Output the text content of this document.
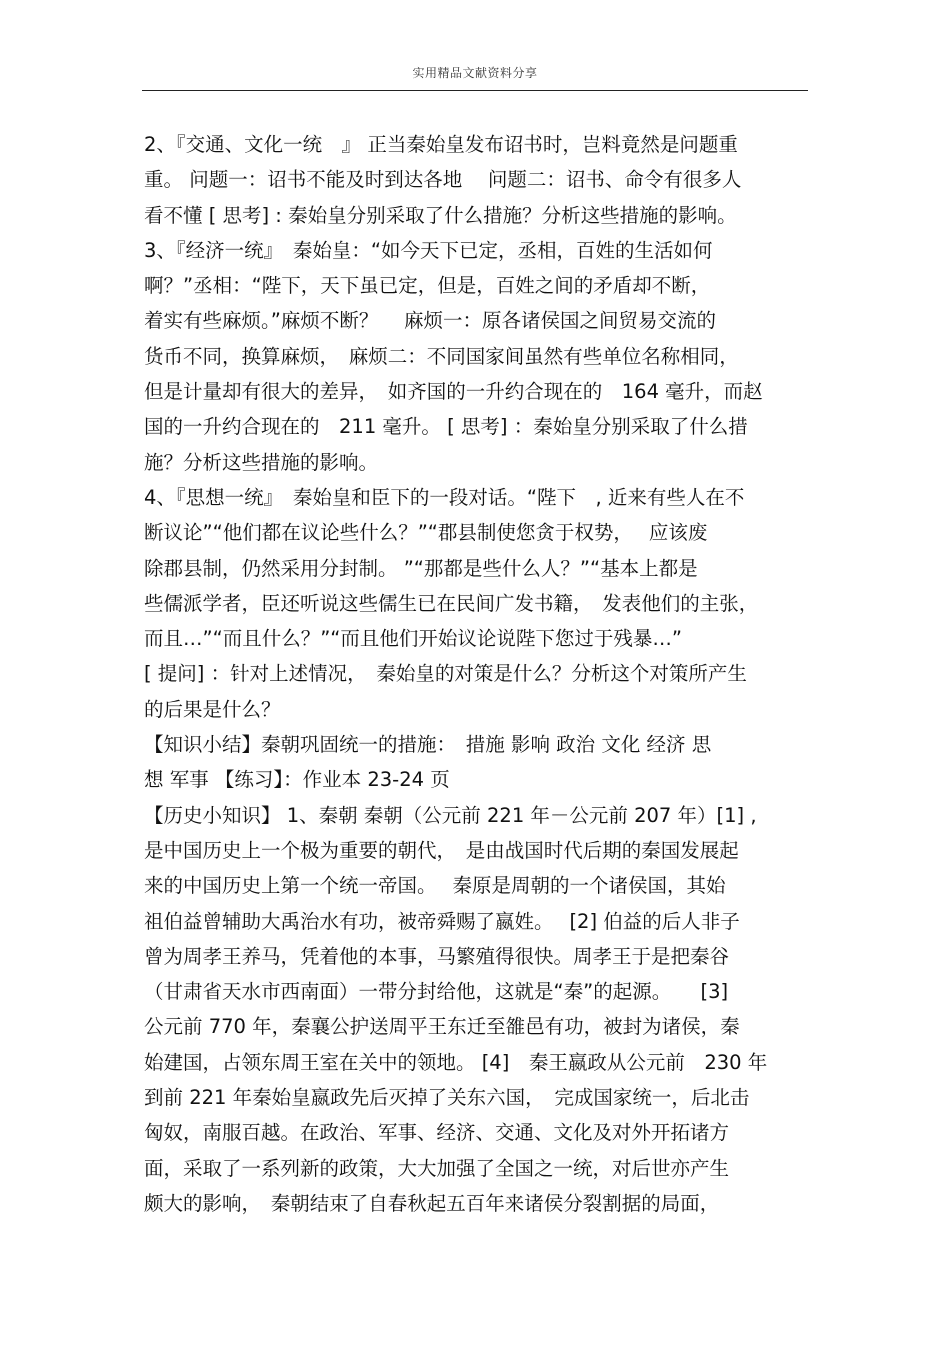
实用精品文献资料分享
2、『交通、文化一统　』 正当秦始皇发布诏书时，岂料竟然是问题重
重。 问题一：诏书不能及时到达各地　 问题二：诏书、命令有很多人
看不懂 [ 思考] : 秦始皇分别采取了什么措施？分析这些措施的影响。
3、『经济一统』　秦始皇：“如今天下已定，丞相，百姓的生活如何
啊？”丞相：“陛下，天下虽已定，但是，百姓之间的矛盾却不断，
着实有些麻烦。”麻烦不断？　 麻烦一：原各诸侯国之间贸易交流的
货币不同，换算麻烦，　麻烦二：不同国家间虽然有些单位名称相同，
但是计量却有很大的差异，　如齐国的一升约合现在的　164 毫升，而赵
国的一升约合现在的　211 毫升。 [ 思考] ：秦始皇分别采取了什么措
施？分析这些措施的影响。
4、『思想一统』　秦始皇和臣下的一段对话。“陛下　, 近来有些人在不
断议论”“他们都在议论些什么？”“郡县制使您贪于权势，　 应该废
除郡县制，仍然采用分封制。 ”“那都是些什么人？”“基本上都是
些儒派学者，臣还听说这些儒生已在民间广发书籍，　发表他们的主张，
而且…”“而且什么？”“而且他们开始议论说陛下您过于残暴…”
[ 提问] ：针对上述情况，　秦始皇的对策是什么？分析这个对策所产生
的后果是什么？
【知识小结】秦朝巩固统一的措施：　措施 影响 政治 文化 经济 思
想 军事 【练习】：作业本 23-24 页
【历史小知识】 1、秦朝 秦朝（公元前 221 年－公元前 207 年）[1] ,
是中国历史上一个极为重要的朝代，　是由战国时代后期的秦国发展起
来的中国历史上第一个统一帝国。　 秦原是周朝的一个诸侯国，其始
祖伯益曾辅助大禹治水有功，被帝舜赐了嬴姓。　 [2] 伯益的后人非子
曾为周孝王养马，凭着他的本事，马繁殖得很快。周孝王于是把秦谷
（甘肃省天水市西南面）一带分封给他，这就是“秦”的起源。　　[3]
公元前 770 年，秦襄公护送周平王东迁至雒邑有功，被封为诸侯，秦
始建国，占领东周王室在关中的领地。 [4]　秦王嬴政从公元前　230 年
到前 221 年秦始皇嬴政先后灭掉了关东六国，　完成国家统一，后北击
匈奴，南服百越。在政治、军事、经济、交通、文化及对外开拓诸方
面，采取了一系列新的政策，大大加强了全国之一统，对后世亦产生
颇大的影响，　秦朝结束了自春秋起五百年来诸侯分裂割据的局面，
